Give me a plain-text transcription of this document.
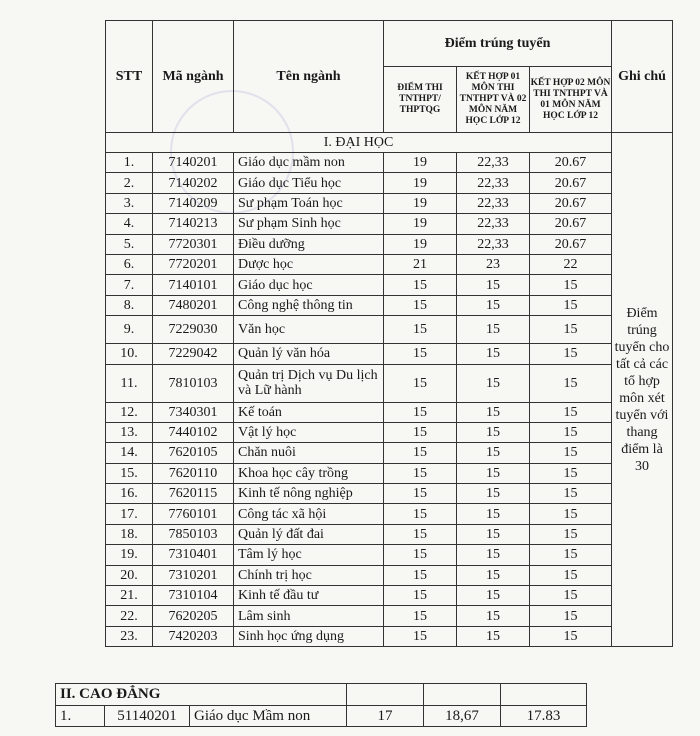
STT	Mã ngành	Tên ngành	Điểm trúng tuyển			Ghi chú
			ĐIỂM THI TNTHPT/ THPTQG	KẾT HỢP 01 MÔN THI TNTHPT VÀ 02 MÔN NĂM HỌC LỚP 12	KẾT HỢP 02 MÔN THI TNTHPT VÀ 01 MÔN NĂM HỌC LỚP 12	
I. ĐẠI HỌC						Điểm trúng tuyển cho tất cả các tổ hợp môn xét tuyển với thang điểm là 30
1.	7140201	Giáo dục mầm non	19	22,33	20.67	
2.	7140202	Giáo dục Tiểu học	19	22,33	20.67	
3.	7140209	Sư phạm Toán học	19	22,33	20.67	
4.	7140213	Sư phạm Sinh học	19	22,33	20.67	
5.	7720301	Điều dưỡng	19	22,33	20.67	
6.	7720201	Dược học	21	23	22	
7.	7140101	Giáo dục học	15	15	15	
8.	7480201	Công nghệ thông tin	15	15	15	
9.	7229030	Văn học	15	15	15	
10.	7229042	Quản lý văn hóa	15	15	15	
11.	7810103	Quản trị Dịch vụ Du lịch và Lữ hành	15	15	15	
12.	7340301	Kế toán	15	15	15	
13.	7440102	Vật lý học	15	15	15	
14.	7620105	Chăn nuôi	15	15	15	
15.	7620110	Khoa học cây trồng	15	15	15	
16.	7620115	Kinh tế nông nghiệp	15	15	15	
17.	7760101	Công tác xã hội	15	15	15	
18.	7850103	Quản lý đất đai	15	15	15	
19.	7310401	Tâm lý học	15	15	15	
20.	7310201	Chính trị học	15	15	15	
21.	7310104	Kinh tế đầu tư	15	15	15	
22.	7620205	Lâm sinh	15	15	15	
23.	7420203	Sinh học ứng dụng	15	15	15	
II. CAO ĐẲNG						
1.	51140201	Giáo dục Mầm non	17	18,67	17.83	
